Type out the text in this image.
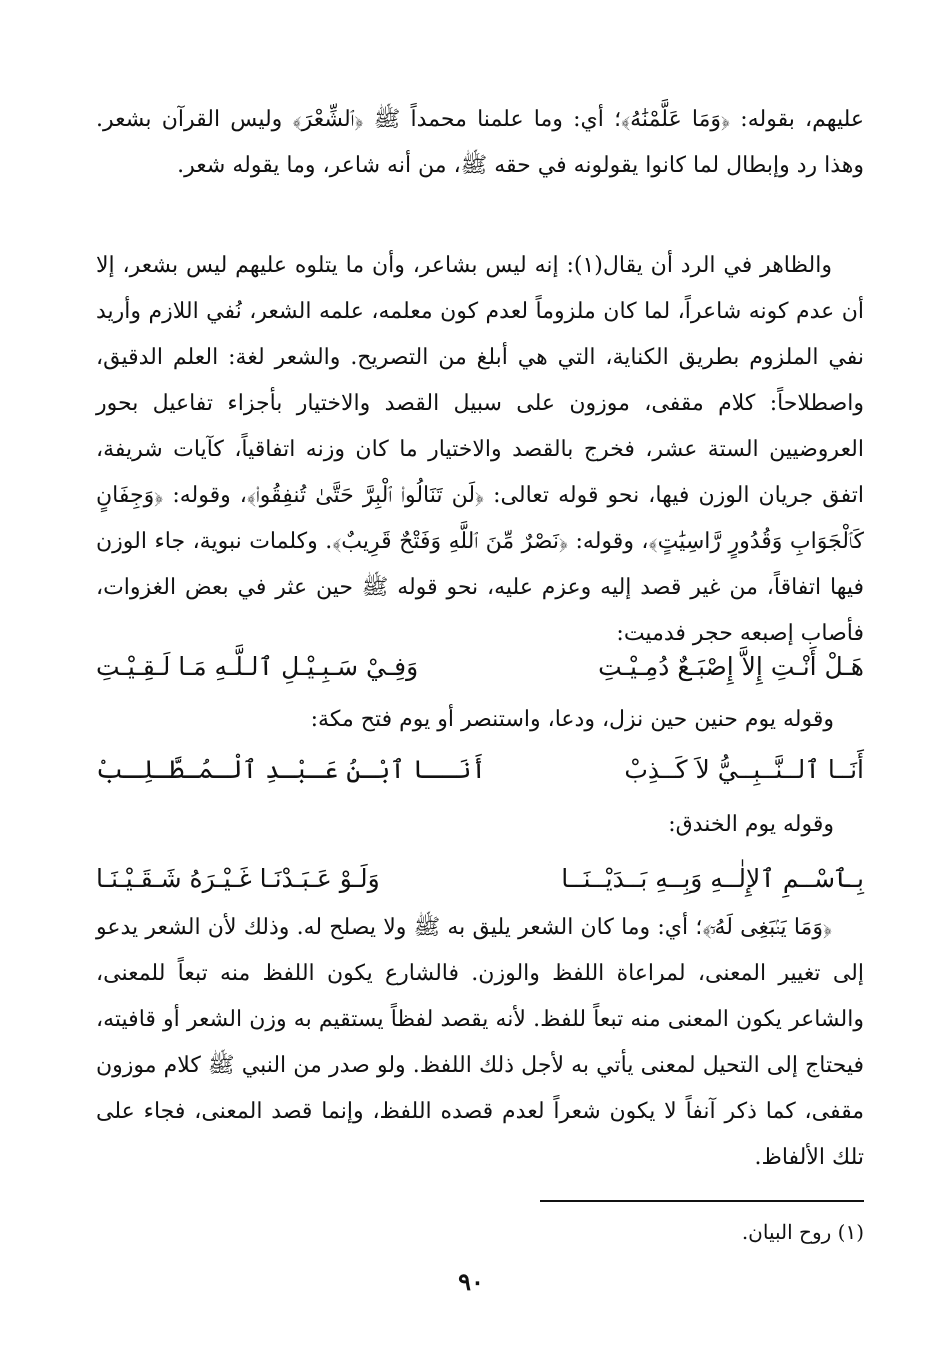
عليهم، بقوله: ﴿وَمَا عَلَّمْنَٰهُ﴾؛ أي: وما علمنا محمداً ﷺ ﴿ٱلشِّعْرَ﴾ وليس القرآن بشعر. وهذا رد وإبطال لما كانوا يقولونه في حقه ﷺ، من أنه شاعر، وما يقوله شعر.

والظاهر في الرد أن يقال(١): إنه ليس بشاعر، وأن ما يتلوه عليهم ليس بشعر، إلا أن عدم كونه شاعراً، لما كان ملزوماً لعدم كون معلمه، علمه الشعر، نُفي اللازم وأريد نفي الملزوم بطريق الكناية، التي هي أبلغ من التصريح. والشعر لغة: العلم الدقيق، واصطلاحاً: كلام مقفى، موزون على سبيل القصد والاختيار بأجزاء تفاعيل بحور العروضيين الستة عشر، فخرج بالقصد والاختيار ما كان وزنه اتفاقياً، كآيات شريفة، اتفق جريان الوزن فيها، نحو قوله تعالى: ﴿لَن تَنَالُوا۟ ٱلْبِرَّ حَتَّىٰ تُنفِقُوا۟﴾، وقوله: ﴿وَجِفَانٍ كَٱلْجَوَابِ وَقُدُورٍ رَّاسِيَٰتٍ﴾، وقوله: ﴿نَصْرٌ مِّنَ ٱللَّهِ وَفَتْحٌ قَرِيبٌ﴾. وكلمات نبوية، جاء الوزن فيها اتفاقاً، من غير قصد إليه وعزم عليه، نحو قوله ﷺ حين عثر في بعض الغزوات، فأصاب إصبعه حجر فدميت:

هَـلْ أَنْـتِ إِلاَّ إِصْبَـعٌ دُمِـيْـتِ
وَفِـيْ سَـبِـيْـلِ ٱلـلَّـهِ مَـا لَـقِـيْـتِ
وقوله يوم حنين حين نزل، ودعا، واستنصر أو يوم فتح مكة:
أَنَــا ٱلــنَّــبِــيُّ لاَ كَــذِبْ
أَنَــا ٱبْـنُ عَـبْـدِ ٱلْـمُـطَّـلِـبْ
وقوله يوم الخندق:
بِـٱسْــمِ ٱلإِلٰــهِ وَبِــهِ بَــدَيْــنَــا
وَلَـوْ عَـبَـدْنَـا غَـيْـرَهُ شَـقَـيْـنَـا

﴿وَمَا يَنۢبَغِى لَهُۥٓ﴾؛ أي: وما كان الشعر يليق به ﷺ ولا يصلح له. وذلك لأن الشعر يدعو إلى تغيير المعنى، لمراعاة اللفظ والوزن. فالشارع يكون اللفظ منه تبعاً للمعنى، والشاعر يكون المعنى منه تبعاً للفظ. لأنه يقصد لفظاً يستقيم به وزن الشعر أو قافيته، فيحتاج إلى التحيل لمعنى يأتي به لأجل ذلك اللفظ. ولو صدر من النبي ﷺ كلام موزون مقفى، كما ذكر آنفاً لا يكون شعراً لعدم قصده اللفظ، وإنما قصد المعنى، فجاء على تلك الألفاظ.

(١) روح البيان.
٩٠
